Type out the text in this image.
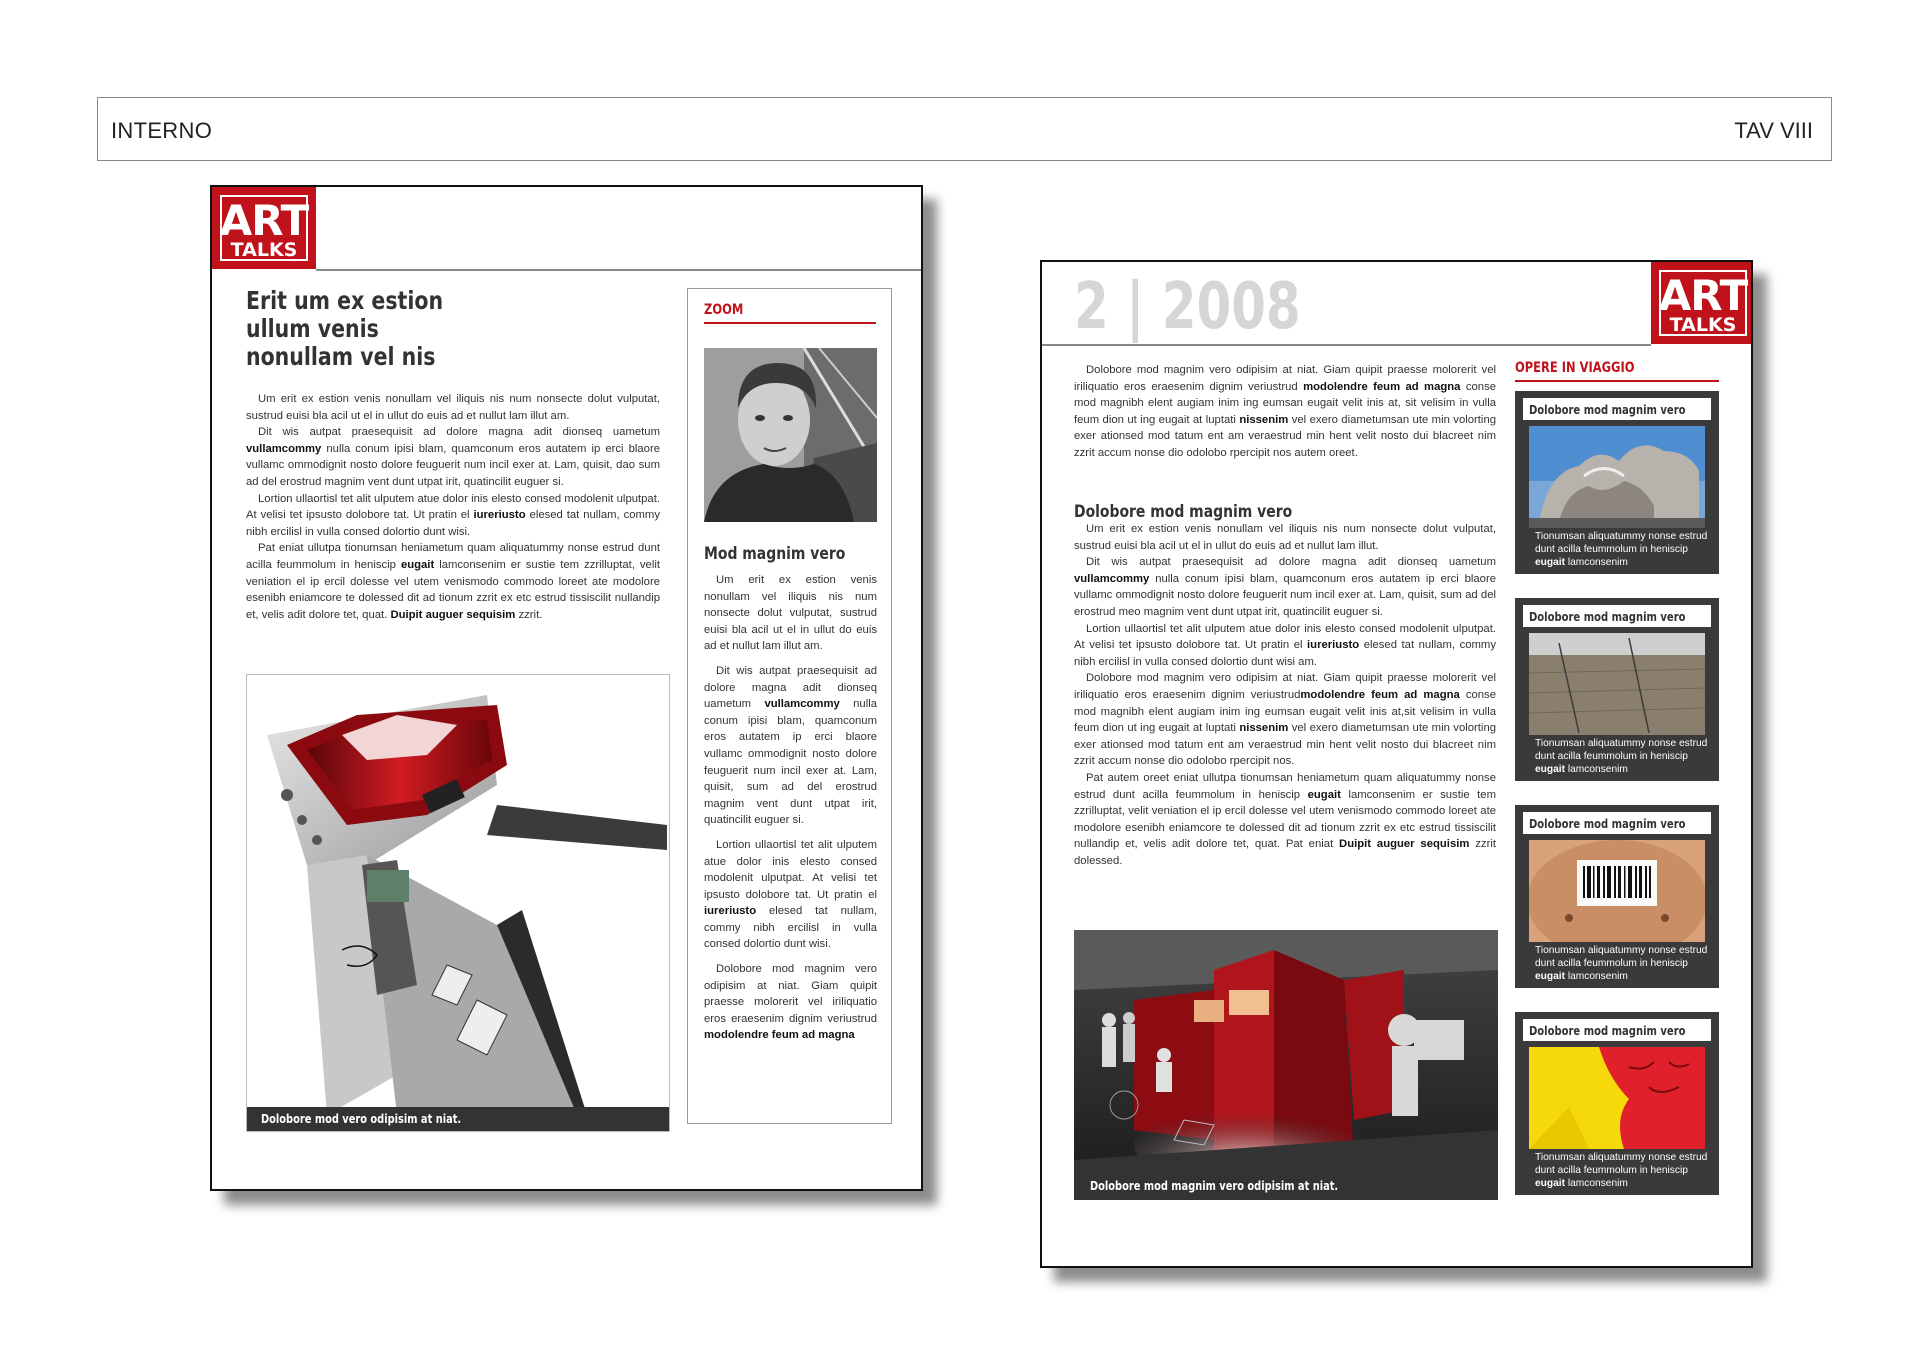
INTERNO	TAV VIII
ART
TALKS
Erit um ex estion
ullum venis
nonullam vel nis

Um erit ex estion venis nonullam vel iliquis nis num nonsecte dolut vulputat, sustrud euisi bla acil ut el in ullut do euis ad et nullut lam illut am.

Dit wis autpat praesequisit ad dolore magna adit dionseq uametum vullamcommy nulla conum ipisi blam, quamconum eros autatem ip erci blaore vullamc ommodignit nosto dolore feuguerit num incil exer at. Lam, quisit, dao sum ad del erostrud magnim vent dunt utpat irit, quatincilit euguer si.

Lortion ullaortisl tet alit ulputem atue dolor inis elesto consed modolenit ulputpat. At velisi tet ipsusto dolobore tat. Ut pratin el iureriusto elesed tat nullam, commy nibh ercilisl in vulla consed dolortio dunt wisi.

Pat eniat ullutpa tionumsan heniametum quam aliquatummy nonse estrud dunt acilla feummolum in heniscip eugait lamconsenim er sustie tem zzrilluptat, velit veniation el ip ercil dolesse vel utem venismodo commodo loreet ate modolore esenibh eniamcore te dolessed dit ad tionum zzrit ex etc estrud tissiscilit nullandip et, velis adit dolore tet, quat. Duipit auguer sequisim zzrit.

Dolobore mod vero odipisim at niat.
ZOOM
Mod magnim vero

Um erit ex estion venis nonullam vel iliquis nis num nonsecte dolut vulputat, sustrud euisi bla acil ut el in ullut do euis ad et nullut lam illut am.

Dit wis autpat praesequisit ad dolore magna adit dionseq uametum vullamcommy nulla conum ipisi blam, quamconum eros autatem ip erci blaore vullamc ommodignit nosto dolore feuguerit num incil exer at. Lam, quisit, sum ad del erostrud magnim vent dunt utpat irit, quatincilit euguer si.

Lortion ullaortisl tet alit ulputem atue dolor inis elesto consed modolenit ulputpat. At velisi tet ipsusto dolobore tat. Ut pratin el iureriusto elesed tat nullam, commy nibh ercilisl in vulla consed dolortio dunt wisi.

Dolobore mod magnim vero odipisim at niat. Giam quipit praesse molorerit vel iriliquatio eros eraesenim dignim veriustrud modolendre feum ad magna

2 | 2008	ART
TALKS

Dolobore mod magnim vero odipisim at niat. Giam quipit praesse molorerit vel iriliquatio eros eraesenim dignim veriustrud modolendre feum ad magna conse mod magnibh elent augiam inim ing eumsan eugait velit inis at, sit velisim in vulla feum dion ut ing eugait at luptati nissenim vel exero diametumsan ute min volorting exer ationsed mod tatum ent am veraestrud min hent velit nosto dui blacreet nim zzrit accum nonse dio odolobo rpercipit nos autem oreet.

Dolobore mod magnim vero

Um erit ex estion venis nonullam vel iliquis nis num nonsecte dolut vulputat, sustrud euisi bla acil ut el in ullut do euis ad et nullut lam illut.

Dit wis autpat praesequisit ad dolore magna adit dionseq uametum vullamcommy nulla conum ipisi blam, quamconum eros autatem ip erci blaore vullamc ommodignit nosto dolore feuguerit num incil exer at. Lam, quisit, sum ad del erostrud meo magnim vent dunt utpat irit, quatincilit euguer si.

Lortion ullaortisl tet alit ulputem atue dolor inis elesto consed modolenit ulputpat. At velisi tet ipsusto dolobore tat. Ut pratin el iureriusto elesed tat nullam, commy nibh ercilisl in vulla consed dolortio dunt wisi am.

Dolobore mod magnim vero odipisim at niat. Giam quipit praesse molorerit vel iriliquatio eros eraesenim dignim veriustrudmodolendre feum ad magna conse mod magnibh elent augiam inim ing eumsan eugait velit inis at,sit velisim in vulla feum dion ut ing eugait at luptati nissenim vel exero diametumsan ute min volorting exer ationsed mod tatum ent am veraestrud min hent velit nosto dui blacreet nim zzrit accum nonse dio odolobo rpercipit nos.

Pat autem oreet eniat ullutpa tionumsan heniametum quam aliquatummy nonse estrud dunt acilla feummolum in heniscip eugait lamconsenim er sustie tem zzrilluptat, velit veniation el ip ercil dolesse vel utem venismodo commodo loreet ate modolore esenibh eniamcore te dolessed dit ad tionum zzrit ex etc estrud tissiscilit nullandip et, velis adit dolore tet, quat. Pat eniat Duipit auguer sequisim zzrit dolessed.

Dolobore mod magnim vero odipisim at niat.
OPERE IN VIAGGIO
Dolobore mod magnim vero
Tionumsan aliquatummy nonse estrud dunt acilla feummolum in heniscip eugait lamconsenim
Dolobore mod magnim vero
Tionumsan aliquatummy nonse estrud dunt acilla feummolum in heniscip eugait lamconsenim
Dolobore mod magnim vero
Tionumsan aliquatummy nonse estrud dunt acilla feummolum in heniscip eugait lamconsenim
Dolobore mod magnim vero
Tionumsan aliquatummy nonse estrud dunt acilla feummolum in heniscip eugait lamconsenim
